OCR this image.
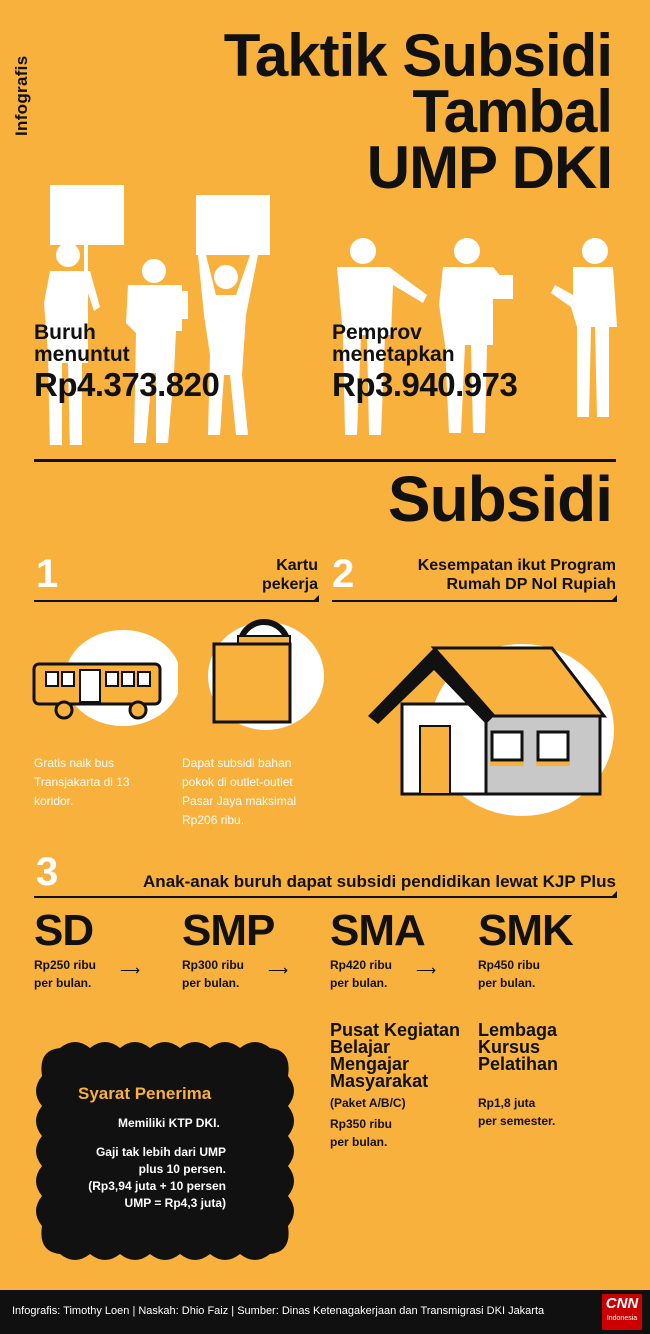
Infografis
Taktik Subsidi
Tambal
UMP DKI
Buruh
menuntut
Rp4.373.820
Pemprov
menetapkan
Rp3.940.973
Subsidi
1	Kartu
pekerja 2	Kesempatan ikut Program
Rumah DP Nol Rupiah
Gratis naik bus
Transjakarta di 13
koridor.
Dapat subsidi bahan
pokok di outlet-outlet
Pasar Jaya maksimal
Rp206 ribu.
3	Anak-anak buruh dapat subsidi pendidikan lewat KJP Plus
SD
Rp250 ribu
per bulan.
⟶
SMP
Rp300 ribu
per bulan.
⟶
SMA
Rp420 ribu
per bulan.
⟶
SMK
Rp450 ribu
per bulan.
Pusat Kegiatan
Belajar
Mengajar
Masyarakat
(Paket A/B/C)
Rp350 ribu
per bulan.
Lembaga
Kursus
Pelatihan
Rp1,8 juta
per semester.
Syarat Penerima
Memiliki KTP DKI.
Gaji tak lebih dari UMP
plus 10 persen.
(Rp3,94 juta + 10 persen
UMP = Rp4,3 juta)
Infografis: Timothy Loen | Naskah: Dhio Faiz | Sumber: Dinas Ketenagakerjaan dan Transmigrasi DKI Jakarta	CNN
Indonesia
